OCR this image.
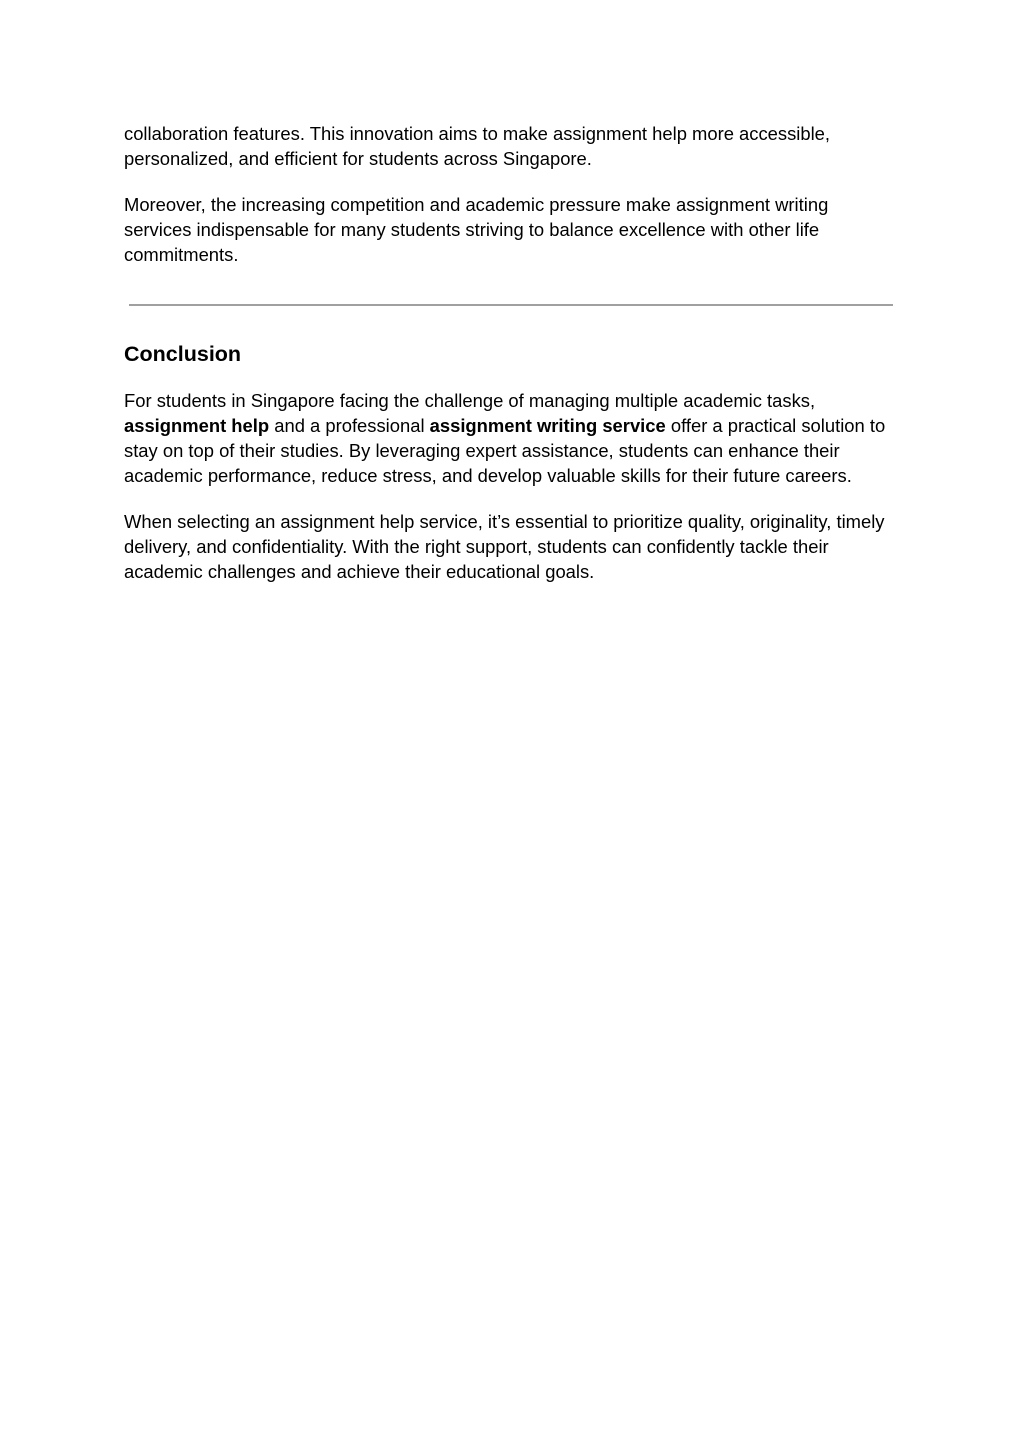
collaboration features. This innovation aims to make assignment help more accessible, personalized, and efficient for students across Singapore.

Moreover, the increasing competition and academic pressure make assignment writing services indispensable for many students striving to balance excellence with other life commitments.

Conclusion

For students in Singapore facing the challenge of managing multiple academic tasks, assignment help and a professional assignment writing service offer a practical solution to stay on top of their studies. By leveraging expert assistance, students can enhance their academic performance, reduce stress, and develop valuable skills for their future careers.

When selecting an assignment help service, it’s essential to prioritize quality, originality, timely delivery, and confidentiality. With the right support, students can confidently tackle their academic challenges and achieve their educational goals.
